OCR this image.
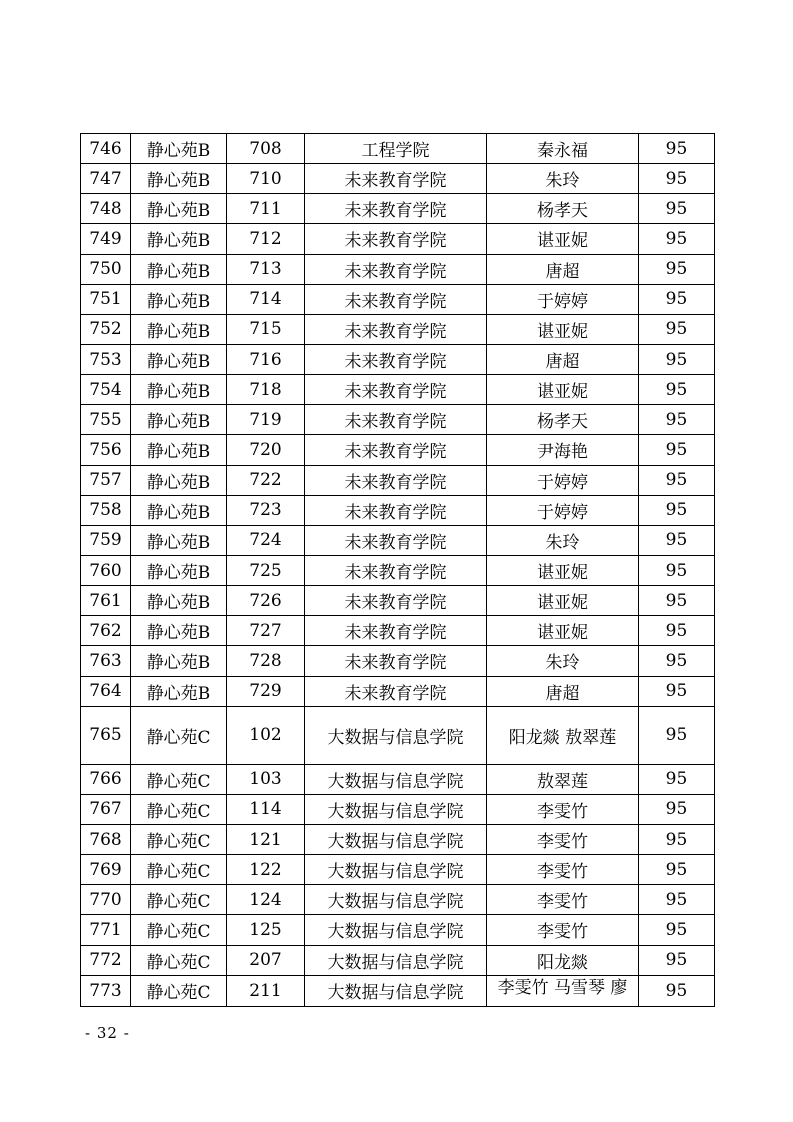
746	静心苑B	708	工程学院	秦永福	95
747	静心苑B	710	未来教育学院	朱玲	95
748	静心苑B	711	未来教育学院	杨孝天	95
749	静心苑B	712	未来教育学院	谌亚妮	95
750	静心苑B	713	未来教育学院	唐超	95
751	静心苑B	714	未来教育学院	于婷婷	95
752	静心苑B	715	未来教育学院	谌亚妮	95
753	静心苑B	716	未来教育学院	唐超	95
754	静心苑B	718	未来教育学院	谌亚妮	95
755	静心苑B	719	未来教育学院	杨孝天	95
756	静心苑B	720	未来教育学院	尹海艳	95
757	静心苑B	722	未来教育学院	于婷婷	95
758	静心苑B	723	未来教育学院	于婷婷	95
759	静心苑B	724	未来教育学院	朱玲	95
760	静心苑B	725	未来教育学院	谌亚妮	95
761	静心苑B	726	未来教育学院	谌亚妮	95
762	静心苑B	727	未来教育学院	谌亚妮	95
763	静心苑B	728	未来教育学院	朱玲	95
764	静心苑B	729	未来教育学院	唐超	95
765	静心苑C	102	大数据与信息学院	阳龙燚 敖翠莲	95
766	静心苑C	103	大数据与信息学院	敖翠莲	95
767	静心苑C	114	大数据与信息学院	李雯竹	95
768	静心苑C	121	大数据与信息学院	李雯竹	95
769	静心苑C	122	大数据与信息学院	李雯竹	95
770	静心苑C	124	大数据与信息学院	李雯竹	95
771	静心苑C	125	大数据与信息学院	李雯竹	95
772	静心苑C	207	大数据与信息学院	阳龙燚	95
773	静心苑C	211	大数据与信息学院	李雯竹 马雪琴 廖	95
- 32 -
